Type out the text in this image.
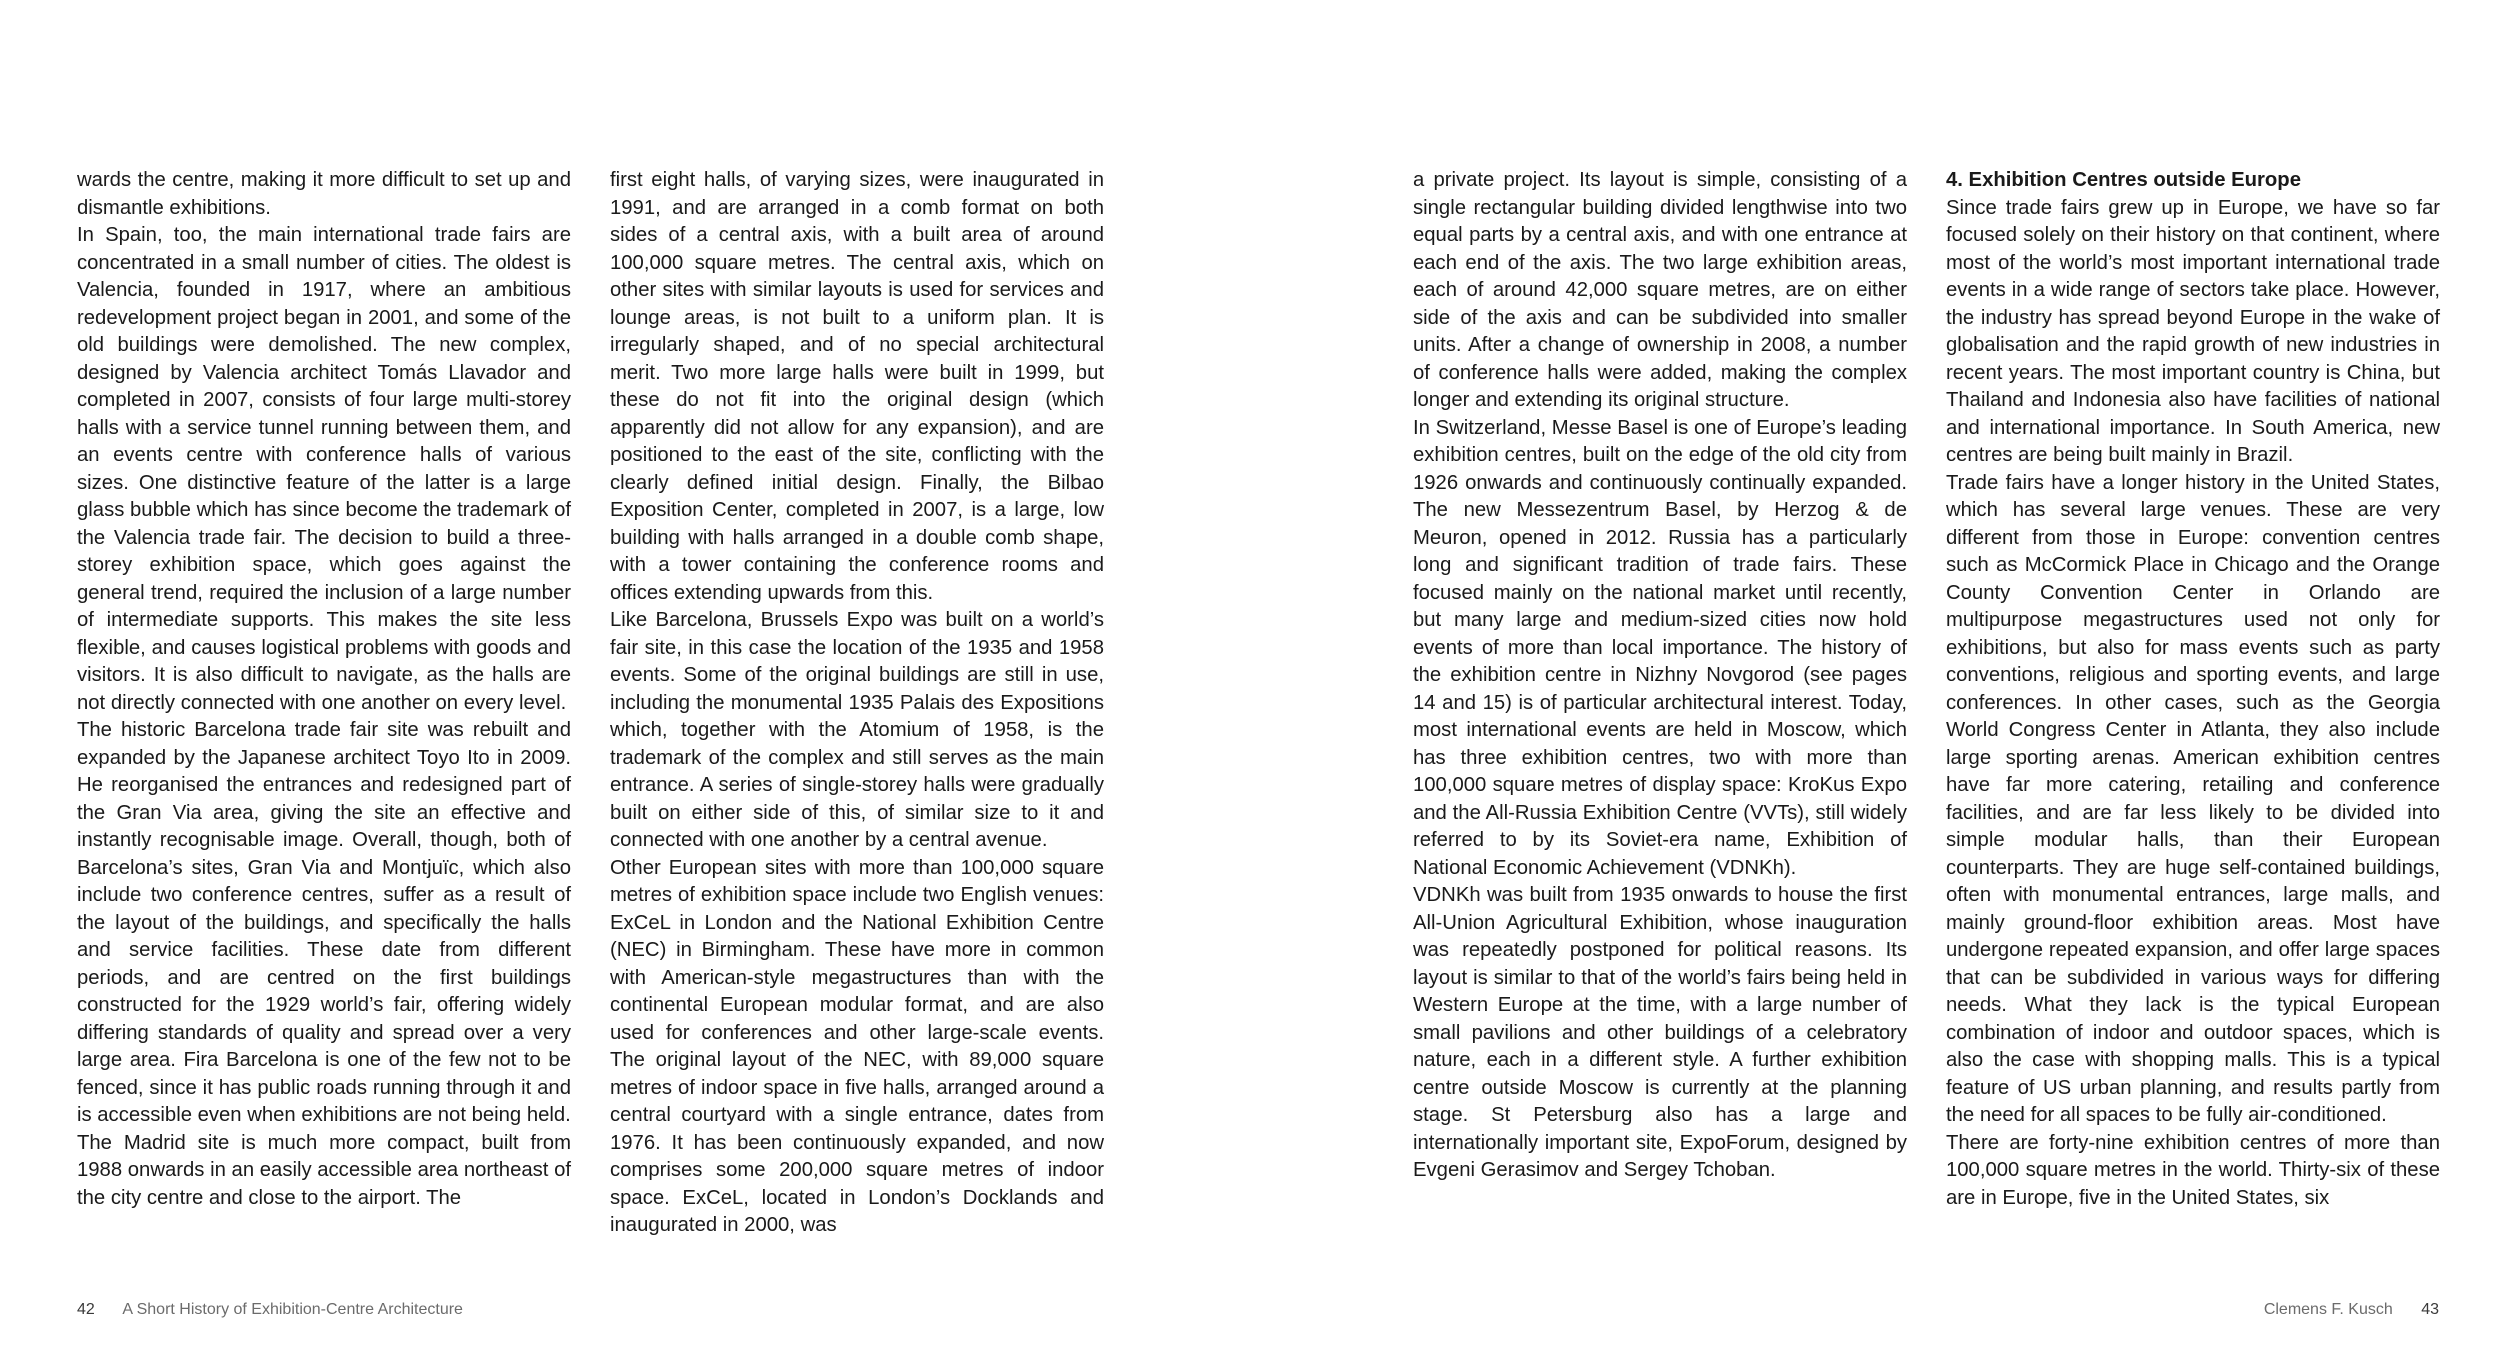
wards the centre, making it more difficult to set up and dismantle exhibitions.

In Spain, too, the main international trade fairs are concentrated in a small number of cities. The oldest is Valencia, founded in 1917, where an ambitious redevelopment project began in 2001, and some of the old buildings were demolished. The new complex, designed by Valencia architect Tomás Llavador and completed in 2007, consists of four large multi-storey halls with a service tunnel running between them, and an events centre with conference halls of various sizes. One distinctive feature of the latter is a large glass bubble which has since become the trademark of the Valencia trade fair. The decision to build a three-storey exhibition space, which goes against the general trend, required the inclusion of a large number of intermediate supports. This makes the site less flexible, and causes logistical problems with goods and visitors. It is also difficult to navigate, as the halls are not directly connected with one another on every level.

The historic Barcelona trade fair site was rebuilt and expanded by the Japanese architect Toyo Ito in 2009. He reorganised the entrances and redesigned part of the Gran Via area, giving the site an effective and instantly recognisable image. Overall, though, both of Barcelona’s sites, Gran Via and Montjuïc, which also include two conference centres, suffer as a result of the layout of the buildings, and specifically the halls and service facilities. These date from different periods, and are centred on the first buildings constructed for the 1929 world’s fair, offering widely differing standards of quality and spread over a very large area. Fira Barcelona is one of the few not to be fenced, since it has public roads running through it and is accessible even when exhibitions are not being held.

The Madrid site is much more compact, built from 1988 onwards in an easily accessible area northeast of the city centre and close to the airport. The

first eight halls, of varying sizes, were inaugurated in 1991, and are arranged in a comb format on both sides of a central axis, with a built area of around 100,000 square metres. The central axis, which on other sites with similar layouts is used for services and lounge areas, is not built to a uniform plan. It is irregularly shaped, and of no special architectural merit. Two more large halls were built in 1999, but these do not fit into the original design (which apparently did not allow for any expansion), and are positioned to the east of the site, conflicting with the clearly defined initial design. Finally, the Bilbao Exposition Center, completed in 2007, is a large, low building with halls arranged in a double comb shape, with a tower containing the conference rooms and offices extending upwards from this.

Like Barcelona, Brussels Expo was built on a world’s fair site, in this case the location of the 1935 and 1958 events. Some of the original buildings are still in use, including the monumental 1935 Palais des Expositions which, together with the Atomium of 1958, is the trademark of the complex and still serves as the main entrance. A series of single-storey halls were gradually built on either side of this, of similar size to it and connected with one another by a central avenue.

Other European sites with more than 100,000 square metres of exhibition space include two English venues: ExCeL in London and the National Exhibition Centre (NEC) in Birmingham. These have more in common with American-style megastructures than with the continental European modular format, and are also used for conferences and other large-scale events. The original layout of the NEC, with 89,000 square metres of indoor space in five halls, arranged around a central courtyard with a single entrance, dates from 1976. It has been continuously expanded, and now comprises some 200,000 square metres of indoor space. ExCeL, located in London’s Docklands and inaugurated in 2000, was

a private project. Its layout is simple, consisting of a single rectangular building divided lengthwise into two equal parts by a central axis, and with one entrance at each end of the axis. The two large exhibition areas, each of around 42,000 square metres, are on either side of the axis and can be subdivided into smaller units. After a change of ownership in 2008, a number of conference halls were added, making the complex longer and extending its original structure.

In Switzerland, Messe Basel is one of Europe’s leading exhibition centres, built on the edge of the old city from 1926 onwards and continuously continually expanded. The new Messezentrum Basel, by Herzog & de Meuron, opened in 2012. Russia has a particularly long and significant tradition of trade fairs. These focused mainly on the national market until recently, but many large and medium-sized cities now hold events of more than local importance. The history of the exhibition centre in Nizhny Novgorod (see pages 14 and 15) is of particular architectural interest. Today, most international events are held in Moscow, which has three exhibition centres, two with more than 100,000 square metres of display space: KroKus Expo and the All-Russia Exhibition Centre (VVTs), still widely referred to by its Soviet-era name, Exhibition of National Economic Achievement (VDNKh).

VDNKh was built from 1935 onwards to house the first All-Union Agricultural Exhibition, whose inauguration was repeatedly postponed for political reasons. Its layout is similar to that of the world’s fairs being held in Western Europe at the time, with a large number of small pavilions and other buildings of a celebratory nature, each in a different style. A further exhibition centre outside Moscow is currently at the planning stage. St Petersburg also has a large and internationally important site, ExpoForum, designed by Evgeni Gerasimov and Sergey Tchoban.

4. Exhibition Centres outside Europe

Since trade fairs grew up in Europe, we have so far focused solely on their history on that continent, where most of the world’s most important international trade events in a wide range of sectors take place. However, the industry has spread beyond Europe in the wake of globalisation and the rapid growth of new industries in recent years. The most important country is China, but Thailand and Indonesia also have facilities of national and international importance. In South America, new centres are being built mainly in Brazil.

Trade fairs have a longer history in the United States, which has several large venues. These are very different from those in Europe: convention centres such as McCormick Place in Chicago and the Orange County Convention Center in Orlando are multipurpose megastructures used not only for exhibitions, but also for mass events such as party conventions, religious and sporting events, and large conferences. In other cases, such as the Georgia World Congress Center in Atlanta, they also include large sporting arenas. American exhibition centres have far more catering, retailing and conference facilities, and are far less likely to be divided into simple modular halls, than their European counterparts. They are huge self-contained buildings, often with monumental entrances, large malls, and mainly ground-floor exhibition areas. Most have undergone repeated expansion, and offer large spaces that can be subdivided in various ways for differing needs. What they lack is the typical European combination of indoor and outdoor spaces, which is also the case with shopping malls. This is a typical feature of US urban planning, and results partly from the need for all spaces to be fully air-conditioned.

There are forty-nine exhibition centres of more than 100,000 square metres in the world. Thirty-six of these are in Europe, five in the United States, six

42 A Short History of Exhibition-Centre Architecture	Clemens F. Kusch 43
